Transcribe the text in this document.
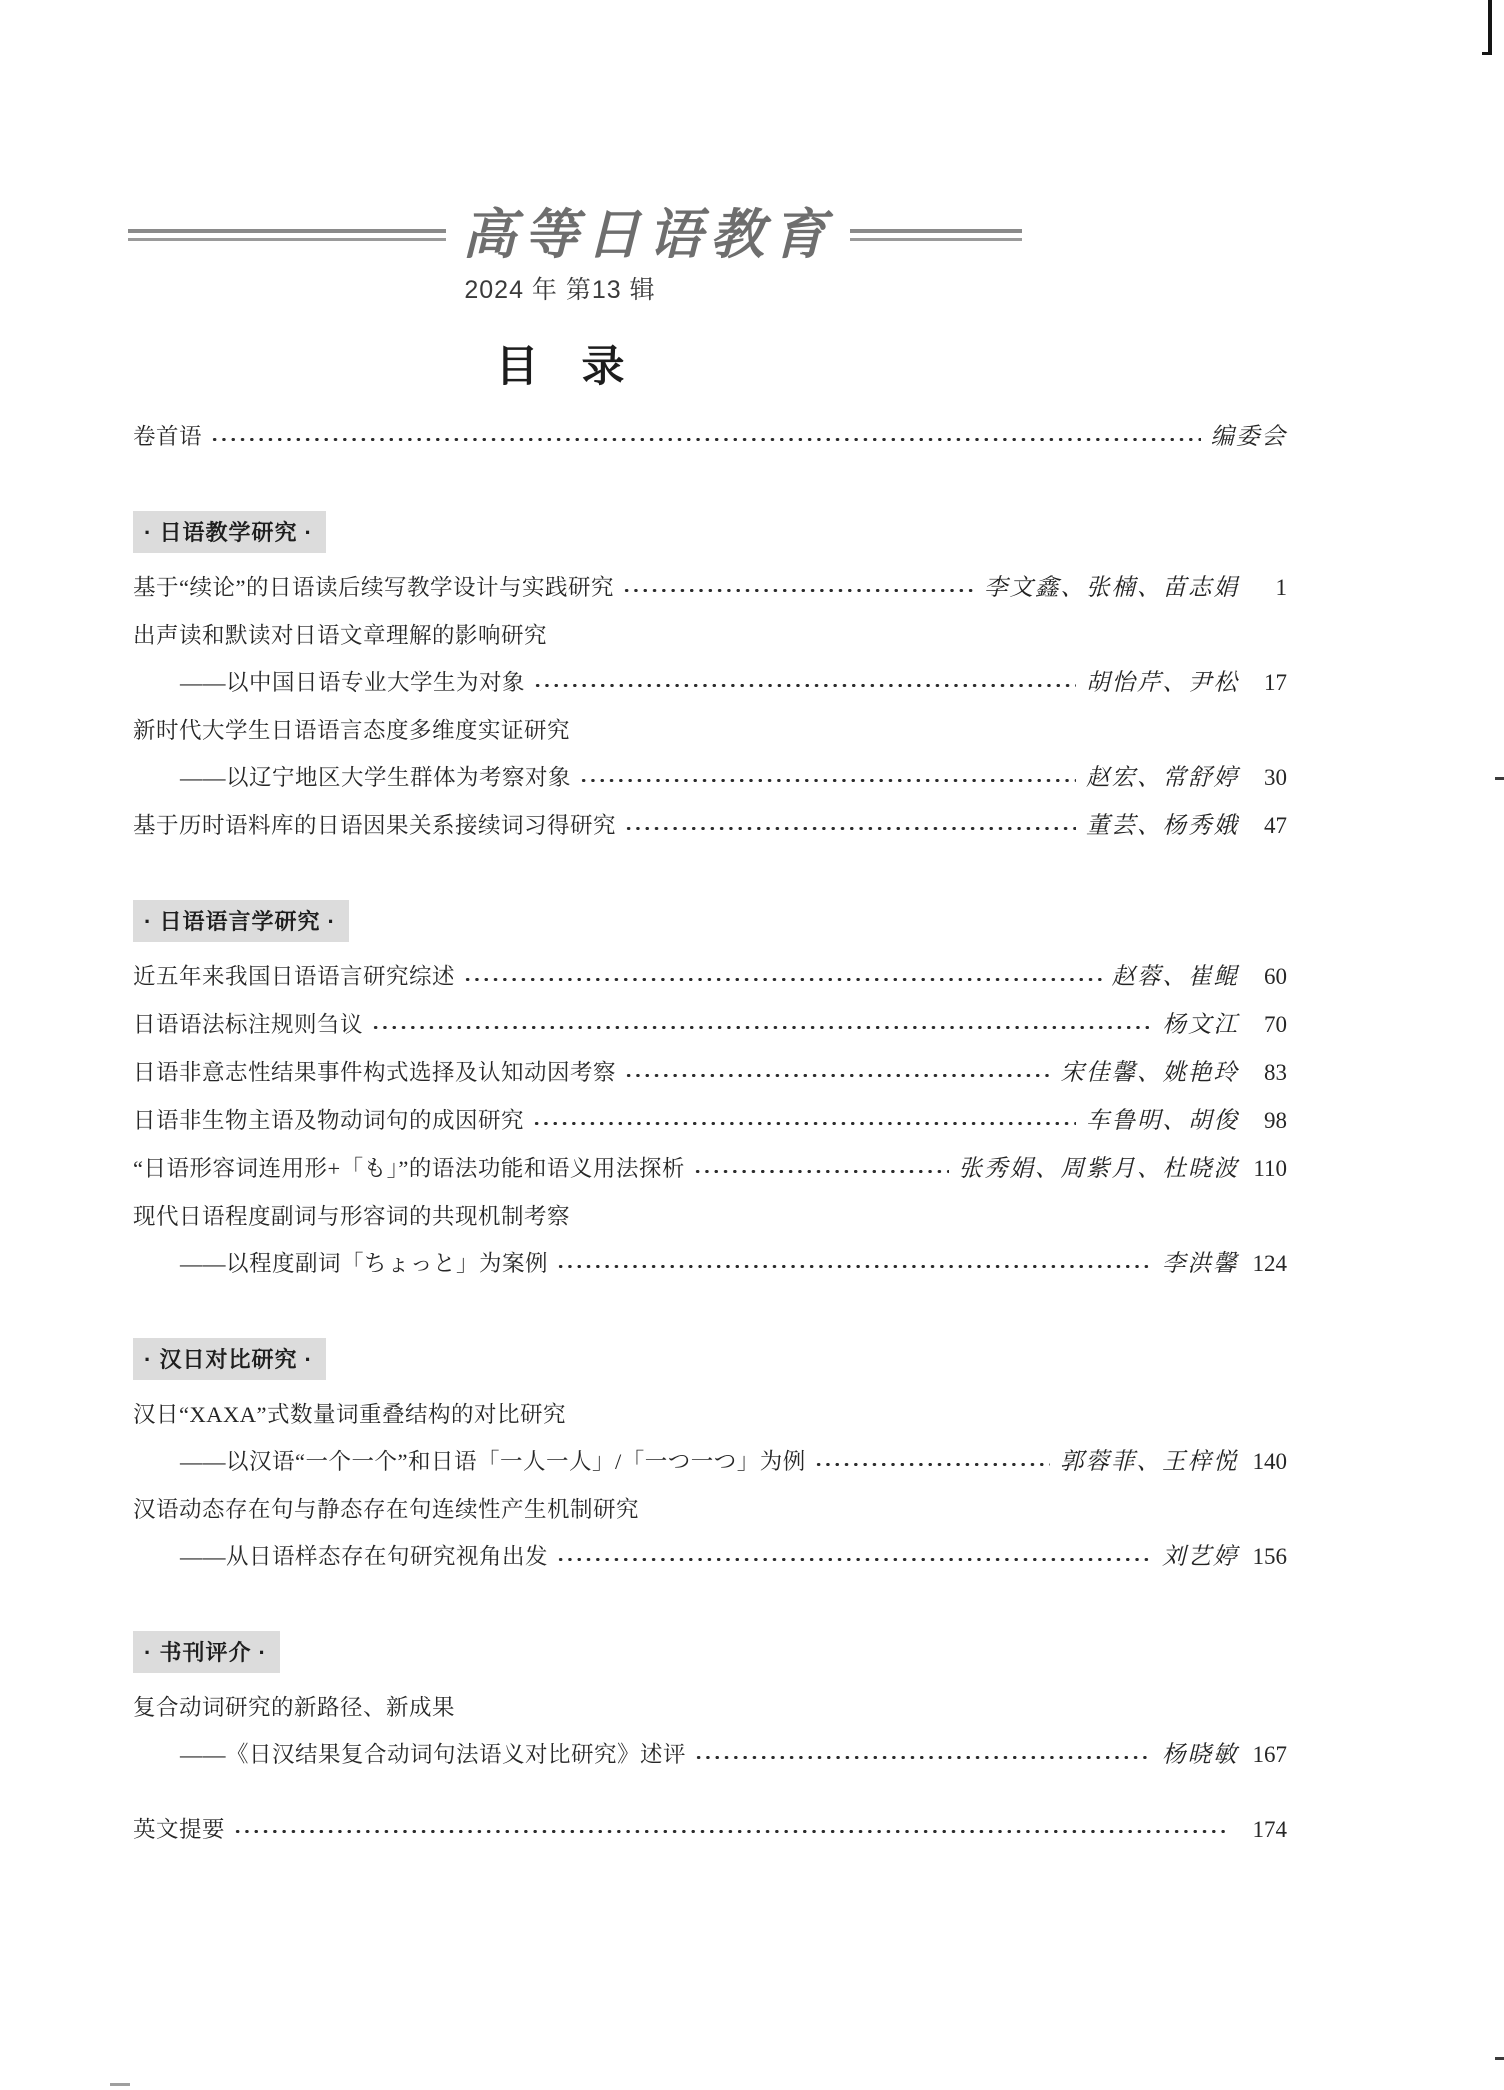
高等日语教育
2024 年 第13 辑
目　录
卷首语	编委会
· 日语教学研究 ·
基于“续论”的日语读后续写教学设计与实践研究	李文鑫、张楠、苗志娟	1
出声读和默读对日语文章理解的影响研究
——以中国日语专业大学生为对象	胡怡芹、尹松	17
新时代大学生日语语言态度多维度实证研究
——以辽宁地区大学生群体为考察对象	赵宏、常舒婷	30
基于历时语料库的日语因果关系接续词习得研究	董芸、杨秀娥	47
· 日语语言学研究 ·
近五年来我国日语语言研究综述	赵蓉、崔鲲	60
日语语法标注规则刍议	杨文江	70
日语非意志性结果事件构式选择及认知动因考察	宋佳馨、姚艳玲	83
日语非生物主语及物动词句的成因研究	车鲁明、胡俊	98
“日语形容词连用形+「も」”的语法功能和语义用法探析	张秀娟、周紫月、杜晓波 110
现代日语程度副词与形容词的共现机制考察
——以程度副词「ちょっと」为案例	李洪馨 124
· 汉日对比研究 ·
汉日“XAXA”式数量词重叠结构的对比研究
——以汉语“一个一个”和日语「一人一人」/「一つ一つ」为例	郭蓉菲、王梓悦 140
汉语动态存在句与静态存在句连续性产生机制研究
——从日语样态存在句研究视角出发	刘艺婷 156
· 书刊评介 ·
复合动词研究的新路径、新成果
——《日汉结果复合动词句法语义对比研究》述评	杨晓敏 167
英文提要	174
